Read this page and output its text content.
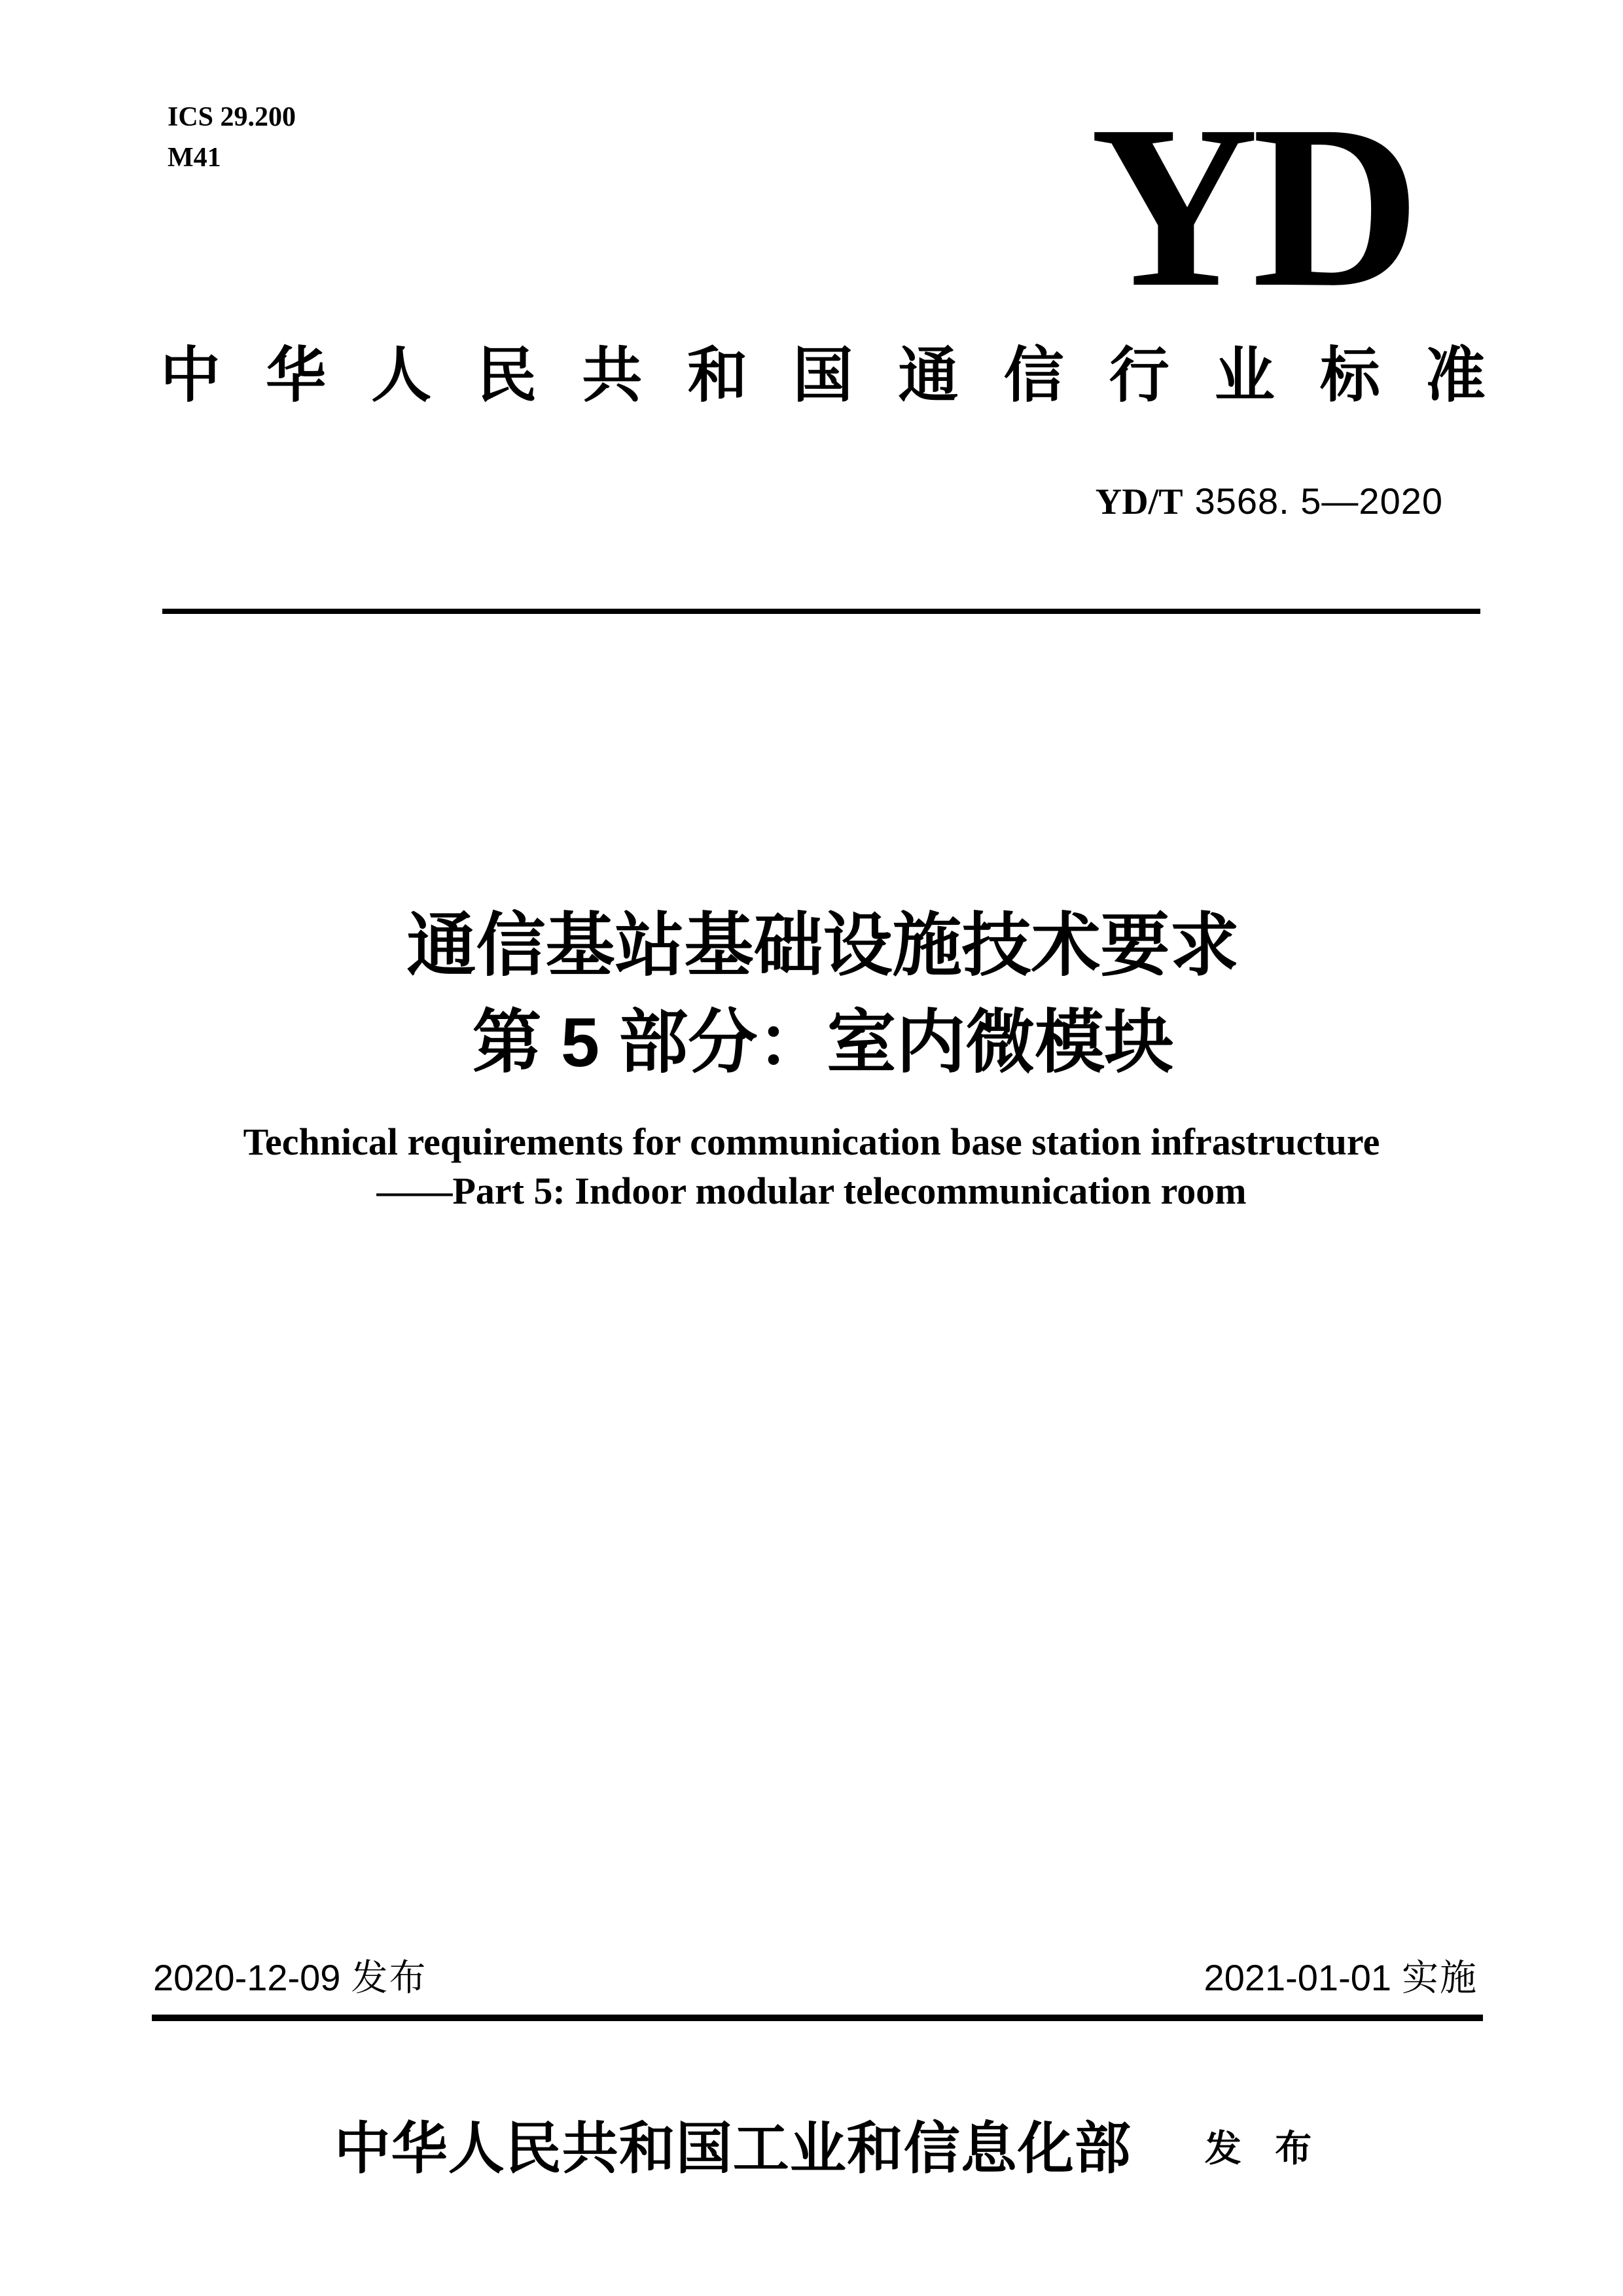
ICS 29.200
M41	YD
中 华 人 民 共 和 国 通 信 行 业 标 准
YD/T 3568. 5—2020
通信基站基础设施技术要求
第 5 部分：室内微模块
Technical requirements for communication base station infrastructure
——Part 5: Indoor modular telecommunication room
2020-12-09 发布	2021-01-01 实施
中华人民共和国工业和信息化部 发 布
